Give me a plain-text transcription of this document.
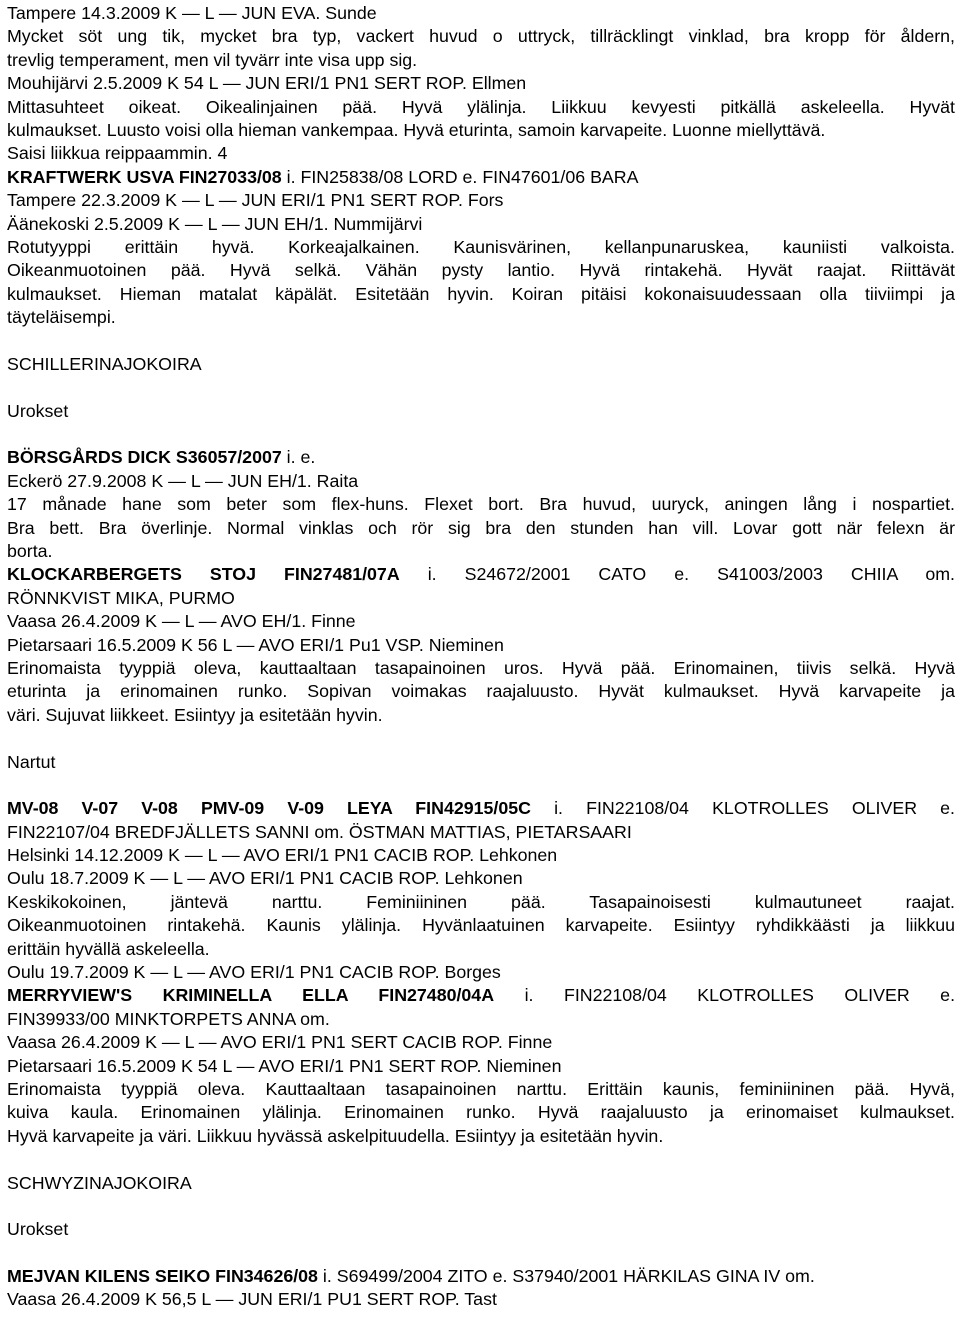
Tampere 14.3.2009 K — L — JUN EVA. Sunde
Mycket söt ung tik, mycket bra typ, vackert huvud o uttryck, tillräcklingt vinklad, bra kropp för åldern,
trevlig temperament, men vil tyvärr inte visa upp sig.
Mouhijärvi 2.5.2009 K 54 L — JUN ERI/1 PN1 SERT ROP. Ellmen
Mittasuhteet oikeat. Oikealinjainen pää. Hyvä ylälinja. Liikkuu kevyesti pitkällä askeleella. Hyvät
kulmaukset. Luusto voisi olla hieman vankempaa. Hyvä eturinta, samoin karvapeite. Luonne miellyttävä.
Saisi liikkua reippaammin. 4
KRAFTWERK USVA FIN27033/08 i. FIN25838/08 LORD e. FIN47601/06 BARA
Tampere 22.3.2009 K — L — JUN ERI/1 PN1 SERT ROP. Fors
Äänekoski 2.5.2009 K — L — JUN EH/1. Nummijärvi
Rotutyyppi erittäin hyvä. Korkeajalkainen. Kaunisvärinen, kellanpunaruskea, kauniisti valkoista.
Oikeanmuotoinen pää. Hyvä selkä. Vähän pysty lantio. Hyvä rintakehä. Hyvät raajat. Riittävät
kulmaukset. Hieman matalat käpälät. Esitetään hyvin. Koiran pitäisi kokonaisuudessaan olla tiiviimpi ja
täyteläisempi.
SCHILLERINAJOKOIRA
Urokset
BÖRSGÅRDS DICK S36057/2007 i. e.
Eckerö 27.9.2008 K — L — JUN EH/1. Raita
17 månade hane som beter som flex-huns. Flexet bort. Bra huvud, uuryck, aningen lång i nospartiet.
Bra bett. Bra överlinje. Normal vinklas och rör sig bra den stunden han vill. Lovar gott när felexn är
borta.
KLOCKARBERGETS STOJ FIN27481/07A i. S24672/2001 CATO e. S41003/2003 CHIIA om.
RÖNNKVIST MIKA, PURMO
Vaasa 26.4.2009 K — L — AVO EH/1. Finne
Pietarsaari 16.5.2009 K 56 L — AVO ERI/1 Pu1 VSP. Nieminen
Erinomaista tyyppiä oleva, kauttaaltaan tasapainoinen uros. Hyvä pää. Erinomainen, tiivis selkä. Hyvä
eturinta ja erinomainen runko. Sopivan voimakas raajaluusto. Hyvät kulmaukset. Hyvä karvapeite ja
väri. Sujuvat liikkeet. Esiintyy ja esitetään hyvin.
Nartut
MV-08 V-07 V-08 PMV-09 V-09 LEYA FIN42915/05C i. FIN22108/04 KLOTROLLES OLIVER e.
FIN22107/04 BREDFJÄLLETS SANNI om. ÖSTMAN MATTIAS, PIETARSAARI
Helsinki 14.12.2009 K — L — AVO ERI/1 PN1 CACIB ROP. Lehkonen
Oulu 18.7.2009 K — L — AVO ERI/1 PN1 CACIB ROP. Lehkonen
Keskikokoinen, jäntevä narttu. Feminiininen pää. Tasapainoisesti kulmautuneet raajat.
Oikeanmuotoinen rintakehä. Kaunis ylälinja. Hyvänlaatuinen karvapeite. Esiintyy ryhdikkäästi ja liikkuu
erittäin hyvällä askeleella.
Oulu 19.7.2009 K — L — AVO ERI/1 PN1 CACIB ROP. Borges
MERRYVIEW'S KRIMINELLA ELLA FIN27480/04A i. FIN22108/04 KLOTROLLES OLIVER e.
FIN39933/00 MINKTORPETS ANNA om.
Vaasa 26.4.2009 K — L — AVO ERI/1 PN1 SERT CACIB ROP. Finne
Pietarsaari 16.5.2009 K 54 L — AVO ERI/1 PN1 SERT ROP. Nieminen
Erinomaista tyyppiä oleva. Kauttaaltaan tasapainoinen narttu. Erittäin kaunis, feminiininen pää. Hyvä,
kuiva kaula. Erinomainen ylälinja. Erinomainen runko. Hyvä raajaluusto ja erinomaiset kulmaukset.
Hyvä karvapeite ja väri. Liikkuu hyvässä askelpituudella. Esiintyy ja esitetään hyvin.
SCHWYZINAJOKOIRA
Urokset
MEJVAN KILENS SEIKO FIN34626/08 i. S69499/2004 ZITO e. S37940/2001 HÄRKILAS GINA IV om.
Vaasa 26.4.2009 K 56,5 L — JUN ERI/1 PU1 SERT ROP. Tast
